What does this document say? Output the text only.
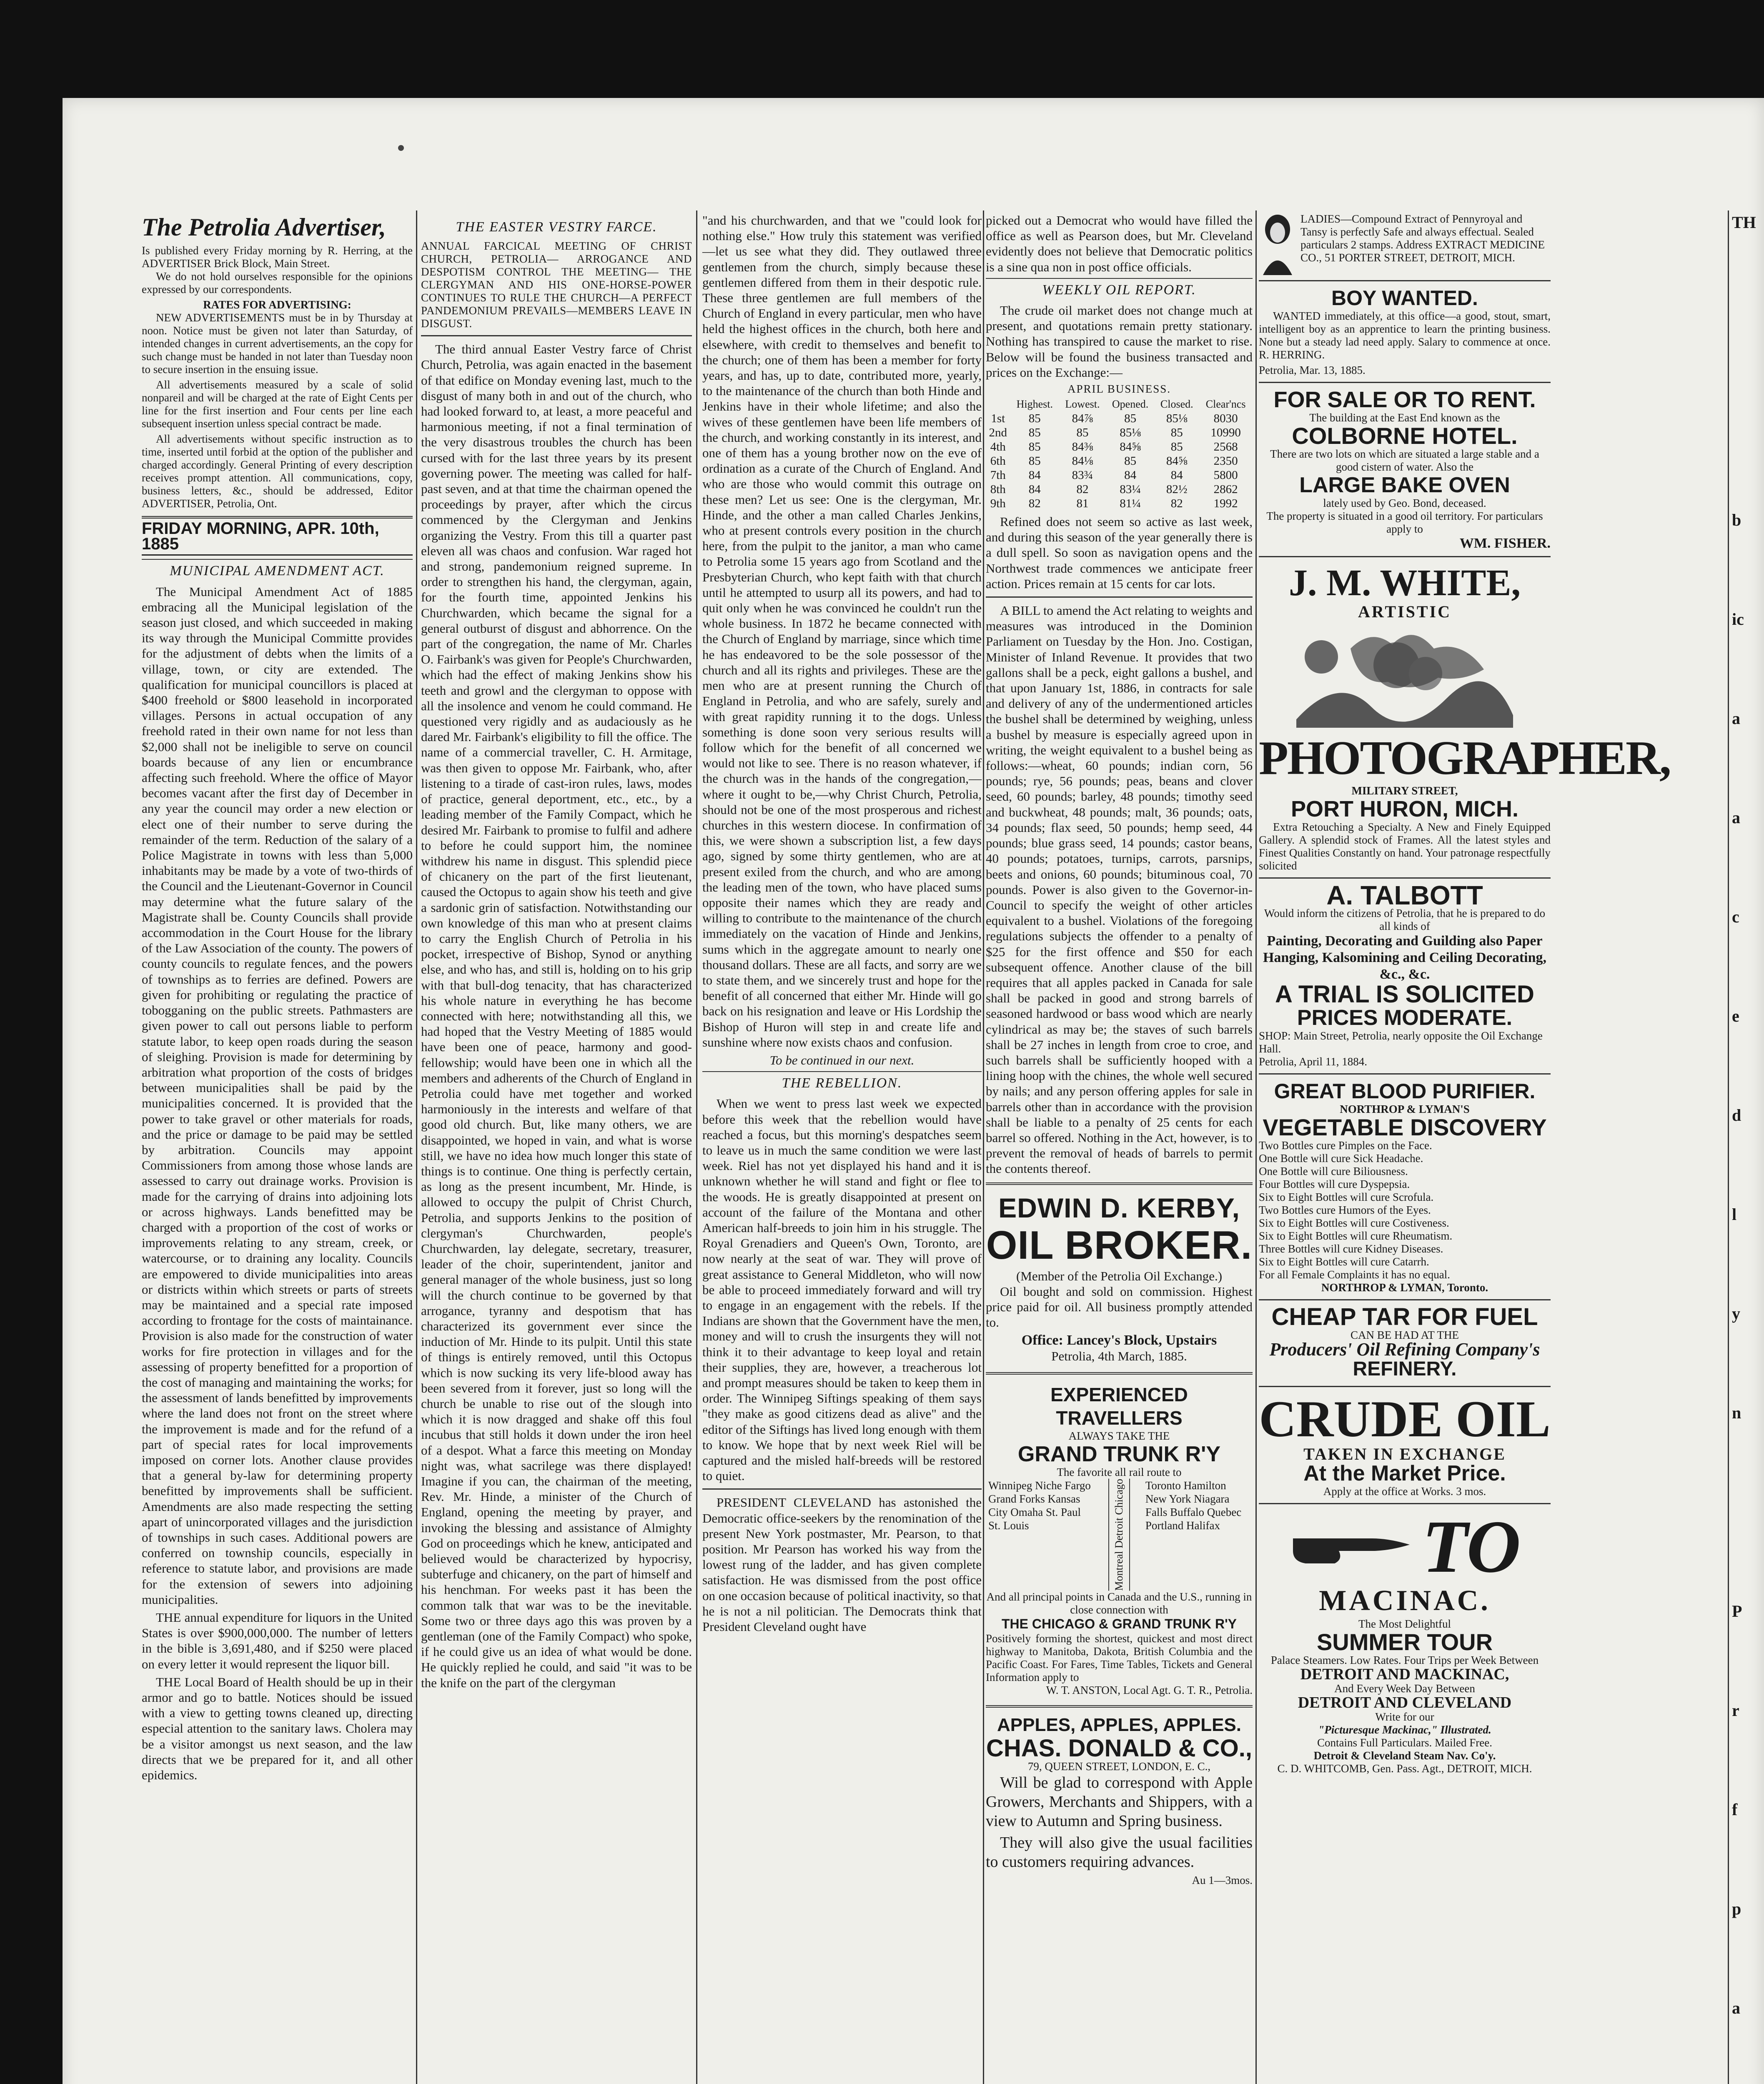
The Petrolia Advertiser,
Is published every Friday morning by R. Herring, at the ADVERTISER Brick Block, Main Street.

We do not hold ourselves responsible for the opinions expressed by our correspondents.

RATES FOR ADVERTISING:

NEW ADVERTISEMENTS must be in by Thursday at noon. Notice must be given not later than Saturday, of intended changes in current advertisements, an the copy for such change must be handed in not later than Tuesday noon to secure insertion in the ensuing issue.

All advertisements measured by a scale of solid nonpareil and will be charged at the rate of Eight Cents per line for the first insertion and Four cents per line each subsequent insertion unless special contract be made.

All advertisements without specific instruction as to time, inserted until forbid at the option of the publisher and charged accordingly. General Printing of every description receives prompt attention. All communications, copy, business letters, &c., should be addressed, Editor ADVERTISER, Petrolia, Ont.

FRIDAY MORNING, APR. 10th, 1885
MUNICIPAL AMENDMENT ACT.

The Municipal Amendment Act of 1885 embracing all the Municipal legislation of the season just closed, and which succeeded in making its way through the Municipal Committe provides for the adjustment of debts when the limits of a village, town, or city are extended. The qualification for municipal councillors is placed at $400 freehold or $800 leasehold in incorporated villages. Persons in actual occupation of any freehold rated in their own name for not less than $2,000 shall not be ineligible to serve on council boards because of any lien or encumbrance affecting such freehold. Where the office of Mayor becomes vacant after the first day of December in any year the council may order a new election or elect one of their number to serve during the remainder of the term. Reduction of the salary of a Police Magistrate in towns with less than 5,000 inhabitants may be made by a vote of two-thirds of the Council and the Lieutenant-Governor in Council may determine what the future salary of the Magistrate shall be. County Councils shall provide accommodation in the Court House for the library of the Law Association of the county. The powers of county councils to regulate fences, and the powers of townships as to ferries are defined. Powers are given for prohibiting or regulating the practice of tobogganing on the public streets. Pathmasters are given power to call out persons liable to perform statute labor, to keep open roads during the season of sleighing. Provision is made for determining by arbitration what proportion of the costs of bridges between municipalities shall be paid by the municipalities concerned. It is provided that the power to take gravel or other materials for roads, and the price or damage to be paid may be settled by arbitration. Councils may appoint Commissioners from among those whose lands are assessed to carry out drainage works. Provision is made for the carrying of drains into adjoining lots or across highways. Lands benefitted may be charged with a proportion of the cost of works or improvements relating to any stream, creek, or watercourse, or to draining any locality. Councils are empowered to divide municipalities into areas or districts within which streets or parts of streets may be maintained and a special rate imposed according to frontage for the costs of maintainance. Provision is also made for the construction of water works for fire protection in villages and for the assessing of property benefitted for a proportion of the cost of managing and maintaining the works; for the assessment of lands benefitted by improvements where the land does not front on the street where the improvement is made and for the refund of a part of special rates for local improvements imposed on corner lots. Another clause provides that a general by-law for determining property benefitted by improvements shall be sufficient. Amendments are also made respecting the setting apart of unincorporated villages and the jurisdiction of townships in such cases. Additional powers are conferred on township councils, especially in reference to statute labor, and provisions are made for the extension of sewers into adjoining municipalities.

THE annual expenditure for liquors in the United States is over $900,000,000. The number of letters in the bible is 3,691,480, and if $250 were placed on every letter it would represent the liquor bill.

THE Local Board of Health should be up in their armor and go to battle. Notices should be issued with a view to getting towns cleaned up, directing especial attention to the sanitary laws. Cholera may be a visitor amongst us next season, and the law directs that we be prepared for it, and all other epidemics.

THE EASTER VESTRY FARCE.
ANNUAL FARCICAL MEETING OF CHRIST CHURCH, PETROLIA— ARROGANCE AND DESPOTISM CONTROL THE MEETING— THE CLERGYMAN AND HIS ONE-HORSE-POWER CONTINUES TO RULE THE CHURCH—A PERFECT PANDEMONIUM PREVAILS—MEMBERS LEAVE IN DISGUST.

The third annual Easter Vestry farce of Christ Church, Petrolia, was again enacted in the basement of that edifice on Monday evening last, much to the disgust of many both in and out of the church, who had looked forward to, at least, a more peaceful and harmonious meeting, if not a final termination of the very disastrous troubles the church has been cursed with for the last three years by its present governing power. The meeting was called for half-past seven, and at that time the chairman opened the proceedings by prayer, after which the circus commenced by the Clergyman and Jenkins organizing the Vestry. From this till a quarter past eleven all was chaos and confusion. War raged hot and strong, pandemonium reigned supreme. In order to strengthen his hand, the clergyman, again, for the fourth time, appointed Jenkins his Churchwarden, which became the signal for a general outburst of disgust and abhorrence. On the part of the congregation, the name of Mr. Charles O. Fairbank's was given for People's Churchwarden, which had the effect of making Jenkins show his teeth and growl and the clergyman to oppose with all the insolence and venom he could command. He questioned very rigidly and as audaciously as he dared Mr. Fairbank's eligibility to fill the office. The name of a commercial traveller, C. H. Armitage, was then given to oppose Mr. Fairbank, who, after listening to a tirade of cast-iron rules, laws, modes of practice, general deportment, etc., etc., by a leading member of the Family Compact, which he desired Mr. Fairbank to promise to fulfil and adhere to before he could support him, the nominee withdrew his name in disgust. This splendid piece of chicanery on the part of the first lieutenant, caused the Octopus to again show his teeth and give a sardonic grin of satisfaction. Notwithstanding our own knowledge of this man who at present claims to carry the English Church of Petrolia in his pocket, irrespective of Bishop, Synod or anything else, and who has, and still is, holding on to his grip with that bull-dog tenacity, that has characterized his whole nature in everything he has become connected with here; notwithstanding all this, we had hoped that the Vestry Meeting of 1885 would have been one of peace, harmony and good-fellowship; would have been one in which all the members and adherents of the Church of England in Petrolia could have met together and worked harmoniously in the interests and welfare of that good old church. But, like many others, we are disappointed, we hoped in vain, and what is worse still, we have no idea how much longer this state of things is to continue. One thing is perfectly certain, as long as the present incumbent, Mr. Hinde, is allowed to occupy the pulpit of Christ Church, Petrolia, and supports Jenkins to the position of clergyman's Churchwarden, people's Churchwarden, lay delegate, secretary, treasurer, leader of the choir, superintendent, janitor and general manager of the whole business, just so long will the church continue to be governed by that arrogance, tyranny and despotism that has characterized its government ever since the induction of Mr. Hinde to its pulpit. Until this state of things is entirely removed, until this Octopus which is now sucking its very life-blood away has been severed from it forever, just so long will the church be unable to rise out of the slough into which it is now dragged and shake off this foul incubus that still holds it down under the iron heel of a despot. What a farce this meeting on Monday night was, what sacrilege was there displayed! Imagine if you can, the chairman of the meeting, Rev. Mr. Hinde, a minister of the Church of England, opening the meeting by prayer, and invoking the blessing and assistance of Almighty God on proceedings which he knew, anticipated and believed would be characterized by hypocrisy, subterfuge and chicanery, on the part of himself and his henchman. For weeks past it has been the common talk that war was to be the inevitable. Some two or three days ago this was proven by a gentleman (one of the Family Compact) who spoke, if he could give us an idea of what would be done. He quickly replied he could, and said "it was to be the knife on the part of the clergyman

"and his churchwarden, and that we "could look for nothing else." How truly this statement was verified—let us see what they did. They outlawed three gentlemen from the church, simply because these gentlemen differed from them in their despotic rule. These three gentlemen are full members of the Church of England in every particular, men who have held the highest offices in the church, both here and elsewhere, with credit to themselves and benefit to the church; one of them has been a member for forty years, and has, up to date, contributed more, yearly, to the maintenance of the church than both Hinde and Jenkins have in their whole lifetime; and also the wives of these gentlemen have been life members of the church, and working constantly in its interest, and one of them has a young brother now on the eve of ordination as a curate of the Church of England. And who are those who would commit this outrage on these men? Let us see: One is the clergyman, Mr. Hinde, and the other a man called Charles Jenkins, who at present controls every position in the church here, from the pulpit to the janitor, a man who came to Petrolia some 15 years ago from Scotland and the Presbyterian Church, who kept faith with that church until he attempted to usurp all its powers, and had to quit only when he was convinced he couldn't run the whole business. In 1872 he became connected with the Church of England by marriage, since which time he has endeavored to be the sole possessor of the church and all its rights and privileges. These are the men who are at present running the Church of England in Petrolia, and who are safely, surely and with great rapidity running it to the dogs. Unless something is done soon very serious results will follow which for the benefit of all concerned we would not like to see. There is no reason whatever, if the church was in the hands of the congregation,—where it ought to be,—why Christ Church, Petrolia, should not be one of the most prosperous and richest churches in this western diocese. In confirmation of this, we were shown a subscription list, a few days ago, signed by some thirty gentlemen, who are at present exiled from the church, and who are among the leading men of the town, who have placed sums opposite their names which they are ready and willing to contribute to the maintenance of the church immediately on the vacation of Hinde and Jenkins, sums which in the aggregate amount to nearly one thousand dollars. These are all facts, and sorry are we to state them, and we sincerely trust and hope for the benefit of all concerned that either Mr. Hinde will go back on his resignation and leave or His Lordship the Bishop of Huron will step in and create life and sunshine where now exists chaos and confusion.

To be continued in our next.
THE REBELLION.

When we went to press last week we expected before this week that the rebellion would have reached a focus, but this morning's despatches seem to leave us in much the same condition we were last week. Riel has not yet displayed his hand and it is unknown whether he will stand and fight or flee to the woods. He is greatly disappointed at present on account of the failure of the Montana and other American half-breeds to join him in his struggle. The Royal Grenadiers and Queen's Own, Toronto, are now nearly at the seat of war. They will prove of great assistance to General Middleton, who will now be able to proceed immediately forward and will try to engage in an engagement with the rebels. If the Indians are shown that the Government have the men, money and will to crush the insurgents they will not think it to their advantage to keep loyal and retain their supplies, they are, however, a treacherous lot and prompt measures should be taken to keep them in order. The Winnipeg Siftings speaking of them says "they make as good citizens dead as alive" and the editor of the Siftings has lived long enough with them to know. We hope that by next week Riel will be captured and the misled half-breeds will be restored to quiet.

PRESIDENT CLEVELAND has astonished the Democratic office-seekers by the renomination of the present New York postmaster, Mr. Pearson, to that position. Mr Pearson has worked his way from the lowest rung of the ladder, and has given complete satisfaction. He was dismissed from the post office on one occasion because of political inactivity, so that he is not a nil politician. The Democrats think that President Cleveland ought have

picked out a Democrat who would have filled the office as well as Pearson does, but Mr. Cleveland evidently does not believe that Democratic politics is a sine qua non in post office officials.

WEEKLY OIL REPORT.

The crude oil market does not change much at present, and quotations remain pretty stationary. Nothing has transpired to cause the market to rise. Below will be found the business transacted and prices on the Exchange:—

APRIL BUSINESS.
	Highest.	Lowest.	Opened.	Closed.	Clear'ncs
1st	85	84⅞	85	85⅛	8030
2nd	85	85	85⅛	85	10990
4th	85	84⅜	84⅝	85	2568
6th	85	84⅛	85	84⅝	2350
7th	84	83¾	84	84	5800
8th	84	82	83¼	82½	2862
9th	82	81	81¼	82	1992

Refined does not seem so active as last week, and during this season of the year generally there is a dull spell. So soon as navigation opens and the Northwest trade commences we anticipate freer action. Prices remain at 15 cents for car lots.

A BILL to amend the Act relating to weights and measures was introduced in the Dominion Parliament on Tuesday by the Hon. Jno. Costigan, Minister of Inland Revenue. It provides that two gallons shall be a peck, eight gallons a bushel, and that upon January 1st, 1886, in contracts for sale and delivery of any of the undermentioned articles the bushel shall be determined by weighing, unless a bushel by measure is especially agreed upon in writing, the weight equivalent to a bushel being as follows:—wheat, 60 pounds; indian corn, 56 pounds; rye, 56 pounds; peas, beans and clover seed, 60 pounds; barley, 48 pounds; timothy seed and buckwheat, 48 pounds; malt, 36 pounds; oats, 34 pounds; flax seed, 50 pounds; hemp seed, 44 pounds; blue grass seed, 14 pounds; castor beans, 40 pounds; potatoes, turnips, carrots, parsnips, beets and onions, 60 pounds; bituminous coal, 70 pounds. Power is also given to the Governor-in-Council to specify the weight of other articles equivalent to a bushel. Violations of the foregoing regulations subjects the offender to a penalty of $25 for the first offence and $50 for each subsequent offence. Another clause of the bill requires that all apples packed in Canada for sale shall be packed in good and strong barrels of seasoned hardwood or bass wood which are nearly cylindrical as may be; the staves of such barrels shall be 27 inches in length from croe to croe, and such barrels shall be sufficiently hooped with a lining hoop with the chines, the whole well secured by nails; and any person offering apples for sale in barrels other than in accordance with the provision shall be liable to a penalty of 25 cents for each barrel so offered. Nothing in the Act, however, is to prevent the removal of heads of barrels to permit the contents thereof.

EDWIN D. KERBY,
OIL BROKER.
(Member of the Petrolia Oil Exchange.)

Oil bought and sold on commission. Highest price paid for oil. All business promptly attended to.

Office: Lancey's Block, Upstairs
Petrolia, 4th March, 1885.
EXPERIENCED TRAVELLERS
ALWAYS TAKE THE
GRAND TRUNK R'Y
The favorite all rail route to
Winnipeg Niche Fargo Grand Forks Kansas City Omaha St. Paul St. Louis	Montreal Detroit Chicago	Toronto Hamilton New York Niagara Falls Buffalo Quebec Portland Halifax
And all principal points in Canada and the U.S., running in close connection with
THE CHICAGO & GRAND TRUNK R'Y
Positively forming the shortest, quickest and most direct highway to Manitoba, Dakota, British Columbia and the Pacific Coast. For Fares, Time Tables, Tickets and General Information apply to
W. T. ANSTON, Local Agt. G. T. R., Petrolia.
APPLES, APPLES, APPLES.
CHAS. DONALD & CO.,
79, QUEEN STREET, LONDON, E. C.,

Will be glad to correspond with Apple Growers, Merchants and Shippers, with a view to Autumn and Spring business.

They will also give the usual facilities to customers requiring advances.

Au 1—3mos.
LADIES—Compound Extract of Pennyroyal and Tansy is perfectly Safe and always effectual. Sealed particulars 2 stamps. Address EXTRACT MEDICINE CO., 51 PORTER STREET, DETROIT, MICH.
BOY WANTED.

WANTED immediately, at this office—a good, stout, smart, intelligent boy as an apprentice to learn the printing business. None but a steady lad need apply. Salary to commence at once. R. HERRING.

Petrolia, Mar. 13, 1885.
FOR SALE OR TO RENT.
The building at the East End known as the
COLBORNE HOTEL.
There are two lots on which are situated a large stable and a good cistern of water. Also the
LARGE BAKE OVEN
lately used by Geo. Bond, deceased.
The property is situated in a good oil territory. For particulars apply to
WM. FISHER.
J. M. WHITE,
ARTISTIC
PHOTOGRAPHER,
MILITARY STREET,
PORT HURON, MICH.

Extra Retouching a Specialty. A New and Finely Equipped Gallery. A splendid stock of Frames. All the latest styles and Finest Qualities Constantly on hand. Your patronage respectfully solicited

A. TALBOTT
Would inform the citizens of Petrolia, that he is prepared to do all kinds of
Painting, Decorating and Guilding also Paper Hanging, Kalsomining and Ceiling Decorating, &c., &c.
A TRIAL IS SOLICITED
PRICES MODERATE.
SHOP: Main Street, Petrolia, nearly opposite the Oil Exchange Hall.
Petrolia, April 11, 1884.
GREAT BLOOD PURIFIER.
NORTHROP & LYMAN'S
VEGETABLE DISCOVERY
Two Bottles cure Pimples on the Face.
One Bottle will cure Sick Headache.
One Bottle will cure Biliousness.
Four Bottles will cure Dyspepsia.
Six to Eight Bottles will cure Scrofula.
Two Bottles cure Humors of the Eyes.
Six to Eight Bottles will cure Costiveness.
Six to Eight Bottles will cure Rheumatism.
Three Bottles will cure Kidney Diseases.
Six to Eight Bottles will cure Catarrh.
For all Female Complaints it has no equal.
NORTHROP & LYMAN, Toronto.
CHEAP TAR FOR FUEL
CAN BE HAD AT THE
Producers' Oil Refining Company's
REFINERY.
CRUDE OIL
TAKEN IN EXCHANGE
At the Market Price.
Apply at the office at Works. 3 mos.
TO
MACINAC.
The Most Delightful
SUMMER TOUR
Palace Steamers. Low Rates. Four Trips per Week Between
DETROIT AND MACKINAC,
And Every Week Day Between
DETROIT AND CLEVELAND
Write for our
"Picturesque Mackinac," Illustrated.
Contains Full Particulars. Mailed Free.
Detroit & Cleveland Steam Nav. Co'y.
C. D. WHITCOMB, Gen. Pass. Agt., DETROIT, MICH.
TH

b
ic
a
a
c
e
d
l
y
n

P
r
f
p
a
